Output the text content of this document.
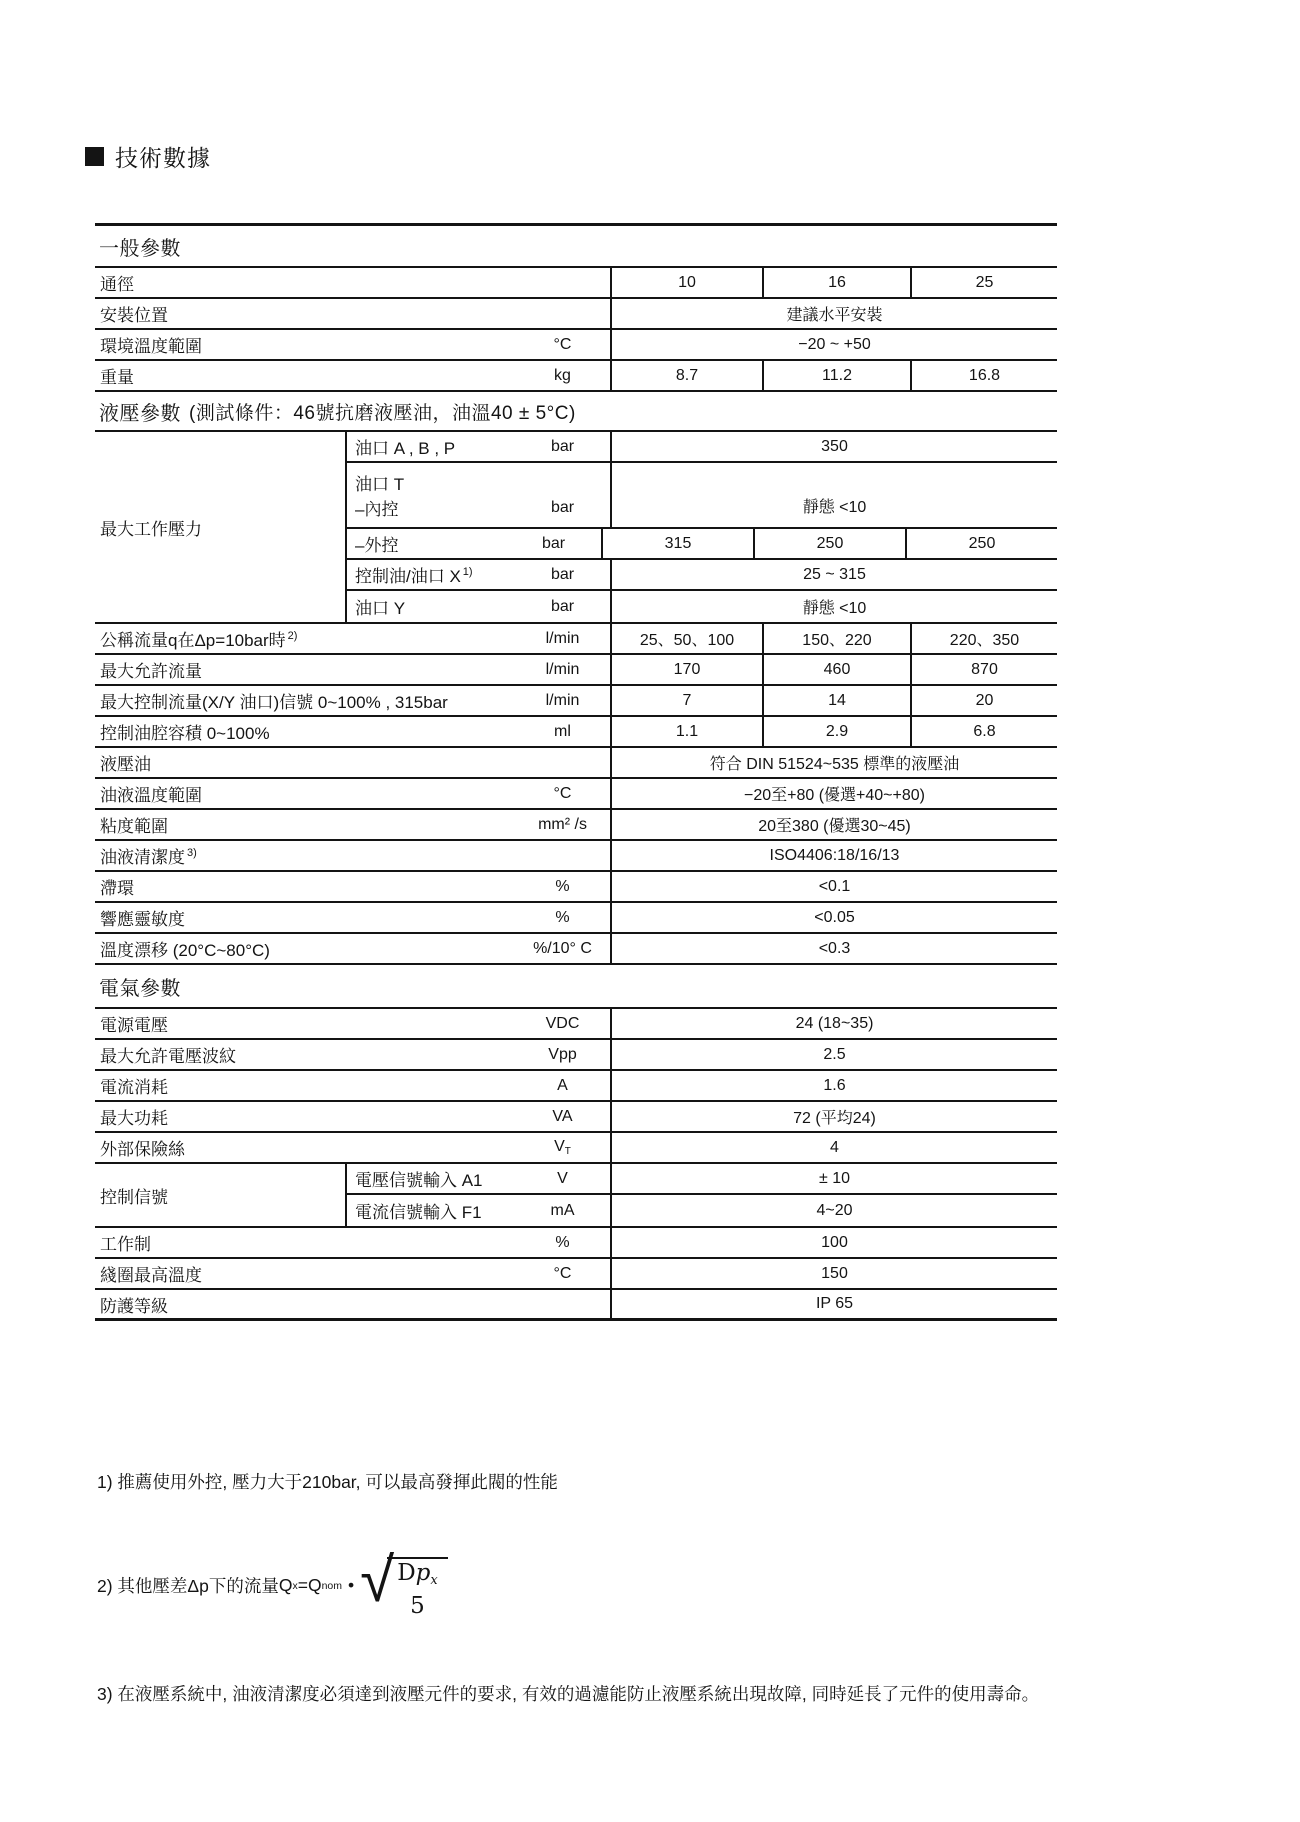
技術數據
一般參數
通徑	10	16	25
安裝位置	建議水平安裝
環境溫度範圍	°C	−20 ~ +50
重量	kg	8.7	11.2	16.8
液壓參數 (測試條件：46號抗磨液壓油，油溫40 ± 5°C)
最大工作壓力
油口 A , B , P	bar	350
油口 T
–內控	bar	靜態 <10
–外控	bar	315	250	250
控制油/油口 X $^{1)}$	bar	25 ~ 315
油口 Y	bar	靜態 <10
公稱流量q在Δp=10bar時 $^{2)}$	l/min	25、50、100	150、220	220、350
最大允許流量	l/min	170	460	870
最大控制流量(X/Y 油口)信號 0~100% , 315bar	l/min	7	14	20
控制油腔容積 0~100%	ml	1.1	2.9	6.8
液壓油	符合 DIN 51524~535 標準的液壓油
油液溫度範圍	°C	−20至+80 (優選+40~+80)
粘度範圍	mm² /s	20至380 (優選30~45)
油液清潔度 $^{3)}$	ISO4406:18/16/13
滯環	%	<0.1
響應靈敏度	%	<0.05
溫度漂移 (20°C~80°C)	%/10° C	<0.3
電氣參數
電源電壓	VDC	24 (18~35)
最大允許電壓波紋	Vpp	2.5
電流消耗	A	1.6
最大功耗	VA	72 (平均24)
外部保險絲	$V_T$	4
控制信號
電壓信號輸入 A1	V	± 10
電流信號輸入 F1	mA	4~20
工作制	%	100
綫圈最高溫度	°C	150
防護等級	IP 65
1) 推薦使用外控, 壓力大于210bar, 可以最高發揮此閥的性能
2) 其他壓差Δp下的流量 Q x = Q nom • √ $Dp_x$
5
3) 在液壓系統中, 油液清潔度必須達到液壓元件的要求, 有效的過濾能防止液壓系統出現故障, 同時延長了元件的使用壽命。
